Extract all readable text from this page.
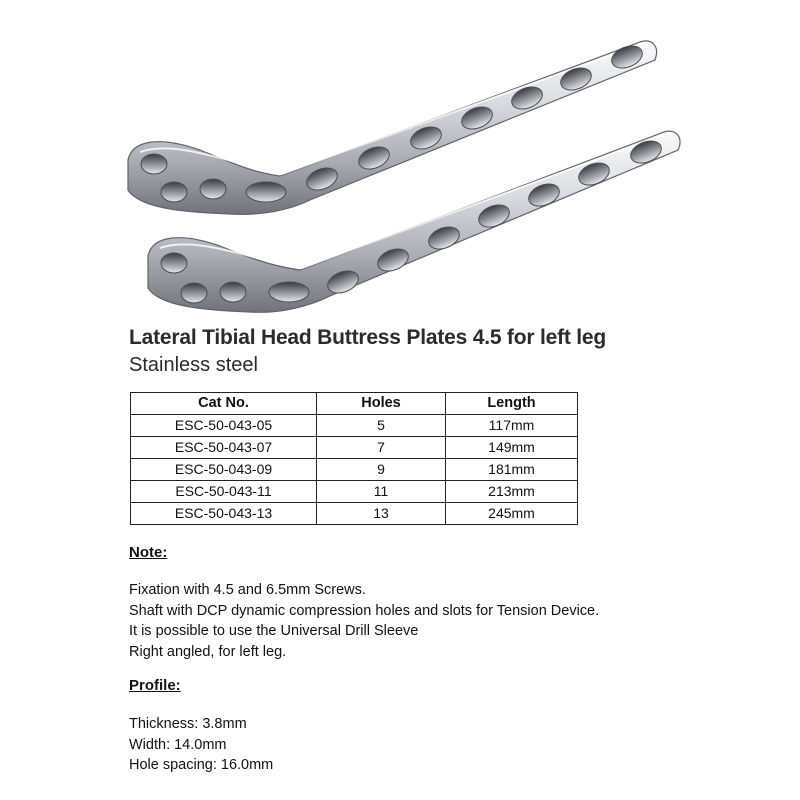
Lateral Tibial Head Buttress Plates 4.5 for left leg
Stainless steel
Cat No.	Holes	Length
ESC-50-043-05	5	117mm
ESC-50-043-07	7	149mm
ESC-50-043-09	9	181mm
ESC-50-043-11	11	213mm
ESC-50-043-13	13	245mm
Note:
Fixation with 4.5 and 6.5mm Screws.
Shaft with DCP dynamic compression holes and slots for Tension Device.
It is possible to use the Universal Drill Sleeve
Right angled, for left leg.
Profile:
Thickness: 3.8mm
Width: 14.0mm
Hole spacing: 16.0mm
